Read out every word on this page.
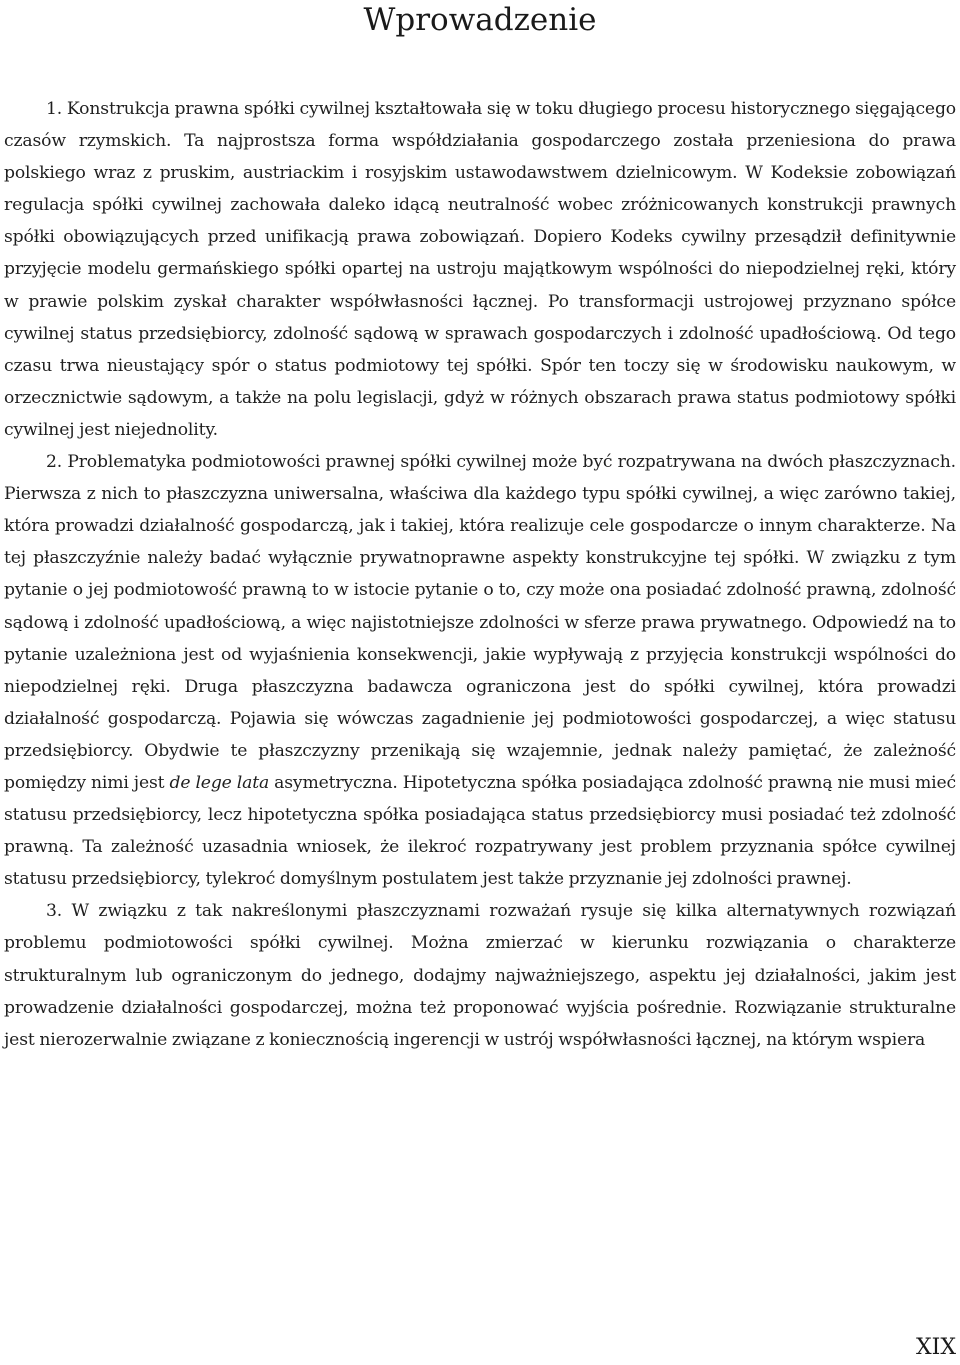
Wprowadzenie

1. Konstrukcja prawna spółki cywilnej kształtowała się w toku długiego procesu historycznego sięgającego czasów rzymskich. Ta najprostsza forma współdziałania gospodarczego została przeniesiona do prawa polskiego wraz z pruskim, austriackim i rosyjskim ustawodawstwem dzielnicowym. W Kodeksie zobowiązań regulacja spółki cywilnej zachowała daleko idącą neutralność wobec zróżnicowanych konstrukcji prawnych spółki obowiązujących przed unifikacją prawa zobowiązań. Dopiero Kodeks cywilny przesądził definitywnie przyjęcie modelu germańskiego spółki opartej na ustroju majątkowym wspólności do niepodzielnej ręki, który w prawie polskim zyskał charakter współwłasności łącznej. Po transformacji ustrojowej przyznano spółce cywilnej status przedsiębiorcy, zdolność sądową w sprawach gospodarczych i zdolność upadłościową. Od tego czasu trwa nieustający spór o status podmiotowy tej spółki. Spór ten toczy się w środowisku naukowym, w orzecznictwie sądowym, a także na polu legislacji, gdyż w różnych obszarach prawa status podmiotowy spółki cywilnej jest niejednolity.

2. Problematyka podmiotowości prawnej spółki cywilnej może być rozpatrywana na dwóch płaszczyznach. Pierwsza z nich to płaszczyzna uniwersalna, właściwa dla każdego typu spółki cywilnej, a więc zarówno takiej, która prowadzi działalność gospodarczą, jak i takiej, która realizuje cele gospodarcze o innym charakterze. Na tej płaszczyźnie należy badać wyłącznie prywatnoprawne aspekty konstrukcyjne tej spółki. W związku z tym pytanie o jej podmiotowość prawną to w istocie pytanie o to, czy może ona posiadać zdolność prawną, zdolność sądową i zdolność upadłościową, a więc najistotniejsze zdolności w sferze prawa prywatnego. Odpowiedź na to pytanie uzależniona jest od wyjaśnienia konsekwencji, jakie wypływają z przyjęcia konstrukcji wspólności do niepodzielnej ręki. Druga płaszczyzna badawcza ograniczona jest do spółki cywilnej, która prowadzi działalność gospodarczą. Pojawia się wówczas zagadnienie jej podmiotowości gospodarczej, a więc statusu przedsiębiorcy. Obydwie te płaszczyzny przenikają się wzajemnie, jednak należy pamiętać, że zależność pomiędzy nimi jest de lege lata asymetryczna. Hipotetyczna spółka posiadająca zdolność prawną nie musi mieć statusu przedsiębiorcy, lecz hipotetyczna spółka posiadająca status przedsiębiorcy musi posiadać też zdolność prawną. Ta zależność uzasadnia wniosek, że ilekroć rozpatrywany jest problem przyznania spółce cywilnej statusu przedsiębiorcy, tylekroć domyślnym postulatem jest także przyznanie jej zdolności prawnej.

3. W związku z tak nakreślonymi płaszczyznami rozważań rysuje się kilka alternatywnych rozwiązań problemu podmiotowości spółki cywilnej. Można zmierzać w kierunku rozwiązania o charakterze strukturalnym lub ograniczonym do jednego, dodajmy najważniejszego, aspektu jej działalności, jakim jest prowadzenie działalności gospodarczej, można też proponować wyjścia pośrednie. Rozwiązanie strukturalne jest nierozerwalnie związane z koniecznością ingerencji w ustrój współwłasności łącznej, na którym wspiera

XIX
